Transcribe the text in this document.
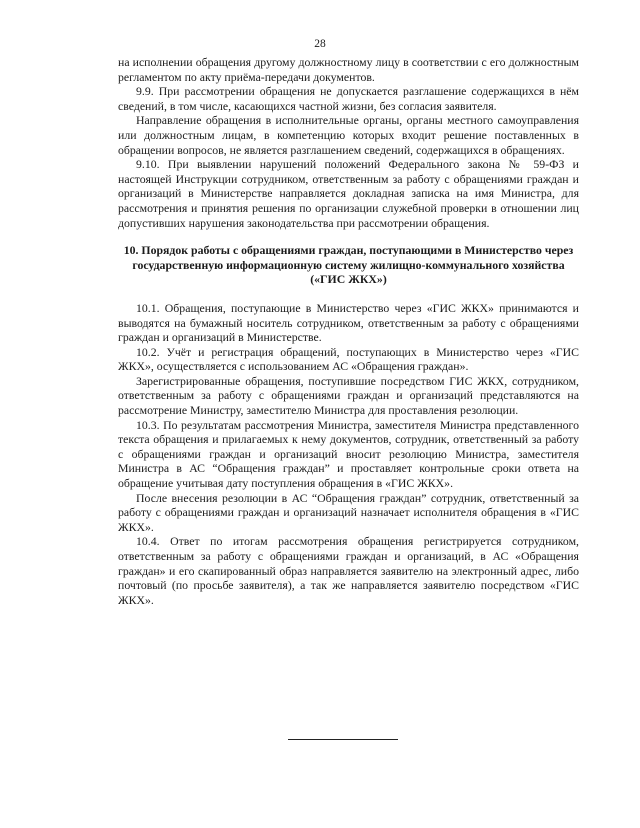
28

на исполнении обращения другому должностному лицу в соответствии с его должностным регламентом по акту приёма-передачи документов.

9.9. При рассмотрении обращения не допускается разглашение содержащихся в нём сведений, в том числе, касающихся частной жизни, без согласия заявителя.

Направление обращения в исполнительные органы, органы местного самоуправления или должностным лицам, в компетенцию которых входит решение поставленных в обращении вопросов, не является разглашением сведений, содержащихся в обращениях.

9.10. При выявлении нарушений положений Федерального закона № 59-ФЗ и настоящей Инструкции сотрудником, ответственным за работу с обращениями граждан и организаций в Министерстве направляется докладная записка на имя Министра, для рассмотрения и принятия решения по организации служебной проверки в отношении лиц допустивших нарушения законодательства при рассмотрении обращения.

10. Порядок работы с обращениями граждан, поступающими в Министерство через государственную информационную систему жилищно-коммунального хозяйства («ГИС ЖКХ»)

10.1. Обращения, поступающие в Министерство через «ГИС ЖКХ» принимаются и выводятся на бумажный носитель сотрудником, ответственным за работу с обращениями граждан и организаций в Министерстве.

10.2. Учёт и регистрация обращений, поступающих в Министерство через «ГИС ЖКХ», осуществляется с использованием АС «Обращения граждан».

Зарегистрированные обращения, поступившие посредством ГИС ЖКХ, сотрудником, ответственным за работу с обращениями граждан и организаций представляются на рассмотрение Министру, заместителю Министра для проставления резолюции.

10.3. По результатам рассмотрения Министра, заместителя Министра представленного текста обращения и прилагаемых к нему документов, сотрудник, ответственный за работу с обращениями граждан и организаций вносит резолюцию Министра, заместителя Министра в АС “Обращения граждан” и проставляет контрольные сроки ответа на обращение учитывая дату поступления обращения в «ГИС ЖКХ».

После внесения резолюции в АС “Обращения граждан” сотрудник, ответственный за работу с обращениями граждан и организаций назначает исполнителя обращения в «ГИС ЖКХ».

10.4. Ответ по итогам рассмотрения обращения регистрируется сотрудником, ответственным за работу с обращениями граждан и организаций, в АС «Обращения граждан» и его скапированный образ направляется заявителю на электронный адрес, либо почтовый (по просьбе заявителя), а так же направляется заявителю посредством «ГИС ЖКХ».
